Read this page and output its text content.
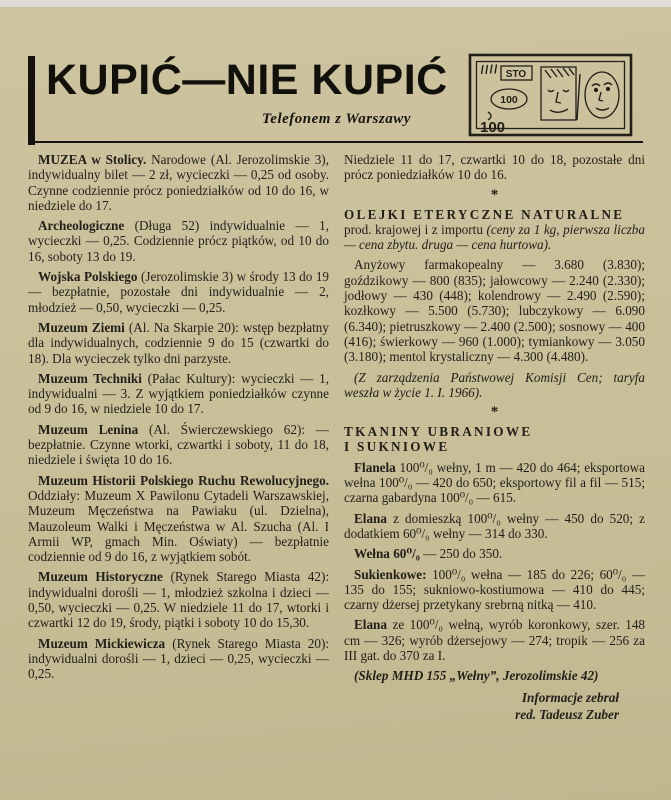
KUPIĆ—NIE KUPIĆ
Telefonem z Warszawy
STO
100
100

MUZEA w Stolicy. Narodowe (Al. Jerozolimskie 3), indywidualny bilet — 2 zł, wycieczki — 0,25 od osoby. Czynne codziennie prócz poniedziałków od 10 do 16, w niedziele do 17.

Archeologiczne (Długa 52) indywidualnie — 1, wycieczki — 0,25. Codziennie prócz piątków, od 10 do 16, soboty 13 do 19.

Wojska Polskiego (Jerozolimskie 3) w środy 13 do 19 — bezpłatnie, pozostałe dni indywidualnie — 2, młodzież — 0,50, wycieczki — 0,25.

Muzeum Ziemi (Al. Na Skarpie 20): wstęp bezpłatny dla indywidualnych, codziennie 9 do 15 (czwartki do 18). Dla wycieczek tylko dni parzyste.

Muzeum Techniki (Pałac Kultury): wycieczki — 1, indywidualni — 3. Z wyjątkiem poniedziałków czynne od 9 do 16, w niedziele 10 do 17.

Muzeum Lenina (Al. Świerczewskiego 62): — bezpłatnie. Czynne wtorki, czwartki i soboty, 11 do 18, niedziele i święta 10 do 16.

Muzeum Historii Polskiego Ruchu Rewolucyjnego. Oddziały: Muzeum X Pawilonu Cytadeli Warszawskiej, Muzeum Męczeństwa na Pawiaku (ul. Dzielna), Mauzoleum Walki i Męczeństwa w Al. Szucha (Al. I Armii WP, gmach Min. Oświaty) — bezpłatnie codziennie od 9 do 16, z wyjątkiem sobót.

Muzeum Historyczne (Rynek Starego Miasta 42): indywidualni dorośli — 1, młodzież szkolna i dzieci — 0,50, wycieczki — 0,25. W niedziele 11 do 17, wtorki i czwartki 12 do 19, środy, piątki i soboty 10 do 15,30.

Muzeum Mickiewicza (Rynek Starego Miasta 20): indywidualni dorośli — 1, dzieci — 0,25, wycieczki — 0,25.

Niedziele 11 do 17, czwartki 10 do 18, pozostałe dni prócz poniedziałków 10 do 16.

*

OLEJKI ETERYCZNE NATURALNE
prod. krajowej i z importu (ceny za 1 kg, pierwsza liczba — cena zbytu. druga — cena hurtowa).

Anyżowy farmakopealny — 3.680 (3.830); goździkowy — 800 (835); jałowcowy — 2.240 (2.330); jodłowy — 430 (448); kolendrowy — 2.490 (2.590); kozłkowy — 5.500 (5.730); lubczykowy — 6.090 (6.340); pietruszkowy — 2.400 (2.500); sosnowy — 400 (416); świerkowy — 960 (1.000); tymiankowy — 3.050 (3.180); mentol krystaliczny — 4.300 (4.480).

(Z zarządzenia Państwowej Komisji Cen; taryfa weszła w życie 1. I. 1966).

*

TKANINY UBRANIOWE
I SUKNIOWE

Flanela 100⁰/₀ wełny, 1 m — 420 do 464; eksportowa wełna 100⁰/₀ — 420 do 650; eksportowy fil a fil — 515; czarna gabardyna 100⁰/₀ — 615.

Elana z domieszką 100⁰/₀ wełny — 450 do 520; z dodatkiem 60⁰/₀ wełny — 314 do 330.

Wełna 60⁰/₀ — 250 do 350.

Sukienkowe: 100⁰/₀ wełna — 185 do 226; 60⁰/₀ — 135 do 155; sukniowo-kostiumowa — 410 do 445; czarny dżersej przetykany srebrną nitką — 410.

Elana ze 100⁰/₀ wełną, wyrób koronkowy, szer. 148 cm — 326; wyrób dżersejowy — 274; tropik — 256 za III gat. do 370 za I.

(Sklep MHD 155 „Wełny”, Jerozolimskie 42)

Informacje zebrał
red. Tadeusz Zuber
